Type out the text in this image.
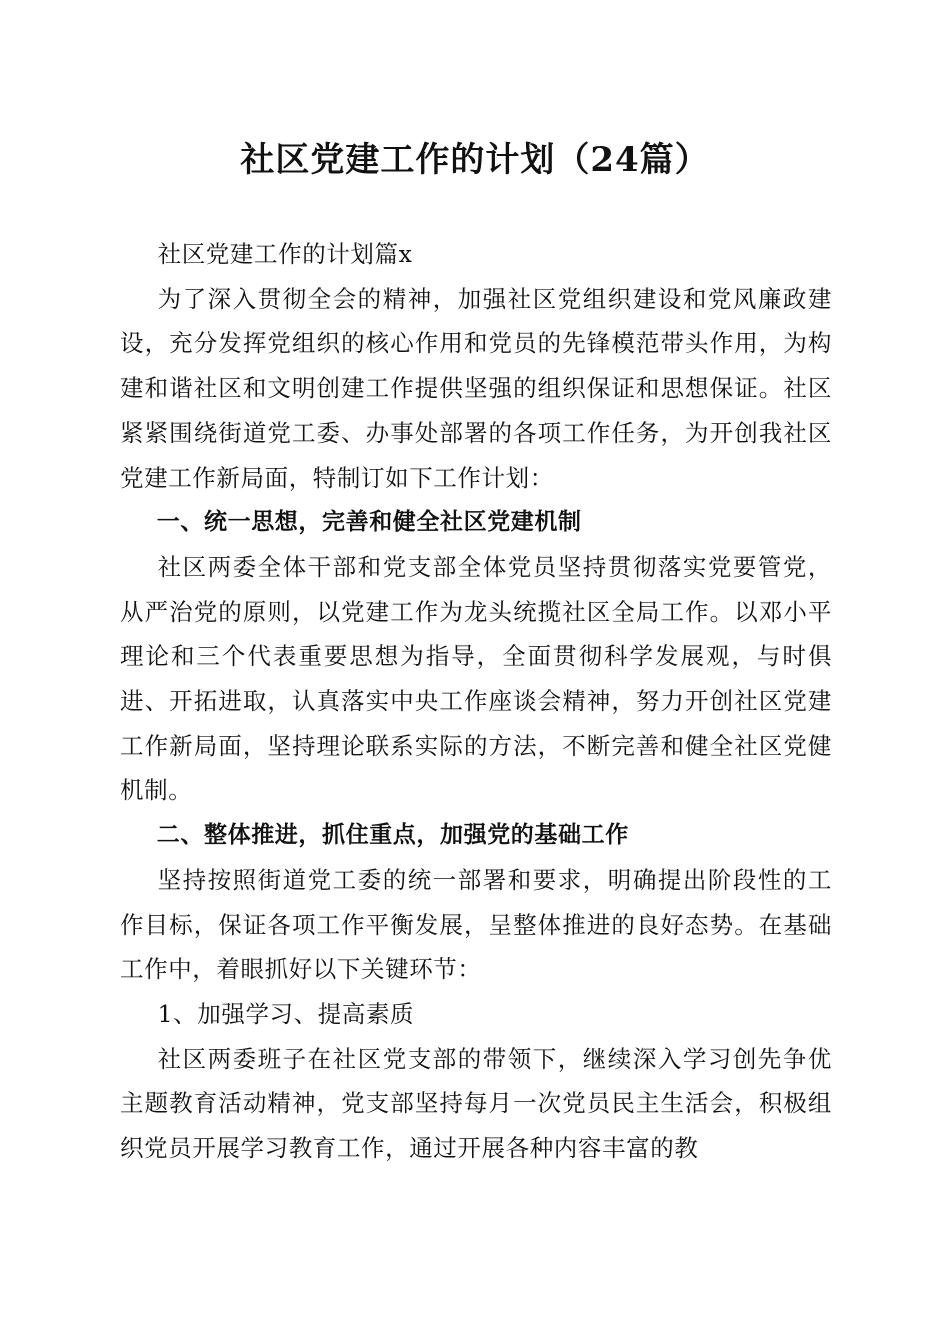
社区党建工作的计划（24篇）

社区党建工作的计划篇x

为了深入贯彻全会的精神，加强社区党组织建设和党风廉政建设，充分发挥党组织的核心作用和党员的先锋模范带头作用，为构建和谐社区和文明创建工作提供坚强的组织保证和思想保证。社区紧紧围绕街道党工委、办事处部署的各项工作任务，为开创我社区党建工作新局面，特制订如下工作计划：

一、统一思想，完善和健全社区党建机制

社区两委全体干部和党支部全体党员坚持贯彻落实党要管党，从严治党的原则，以党建工作为龙头统揽社区全局工作。以邓小平理论和三个代表重要思想为指导，全面贯彻科学发展观，与时俱进、开拓进取，认真落实中央工作座谈会精神，努力开创社区党建工作新局面，坚持理论联系实际的方法，不断完善和健全社区党健机制。

二、整体推进，抓住重点，加强党的基础工作

坚持按照街道党工委的统一部署和要求，明确提出阶段性的工作目标，保证各项工作平衡发展，呈整体推进的良好态势。在基础工作中，着眼抓好以下关键环节：

1、加强学习、提高素质

社区两委班子在社区党支部的带领下，继续深入学习创先争优主题教育活动精神，党支部坚持每月一次党员民主生活会，积极组织党员开展学习教育工作，通过开展各种内容丰富的教
